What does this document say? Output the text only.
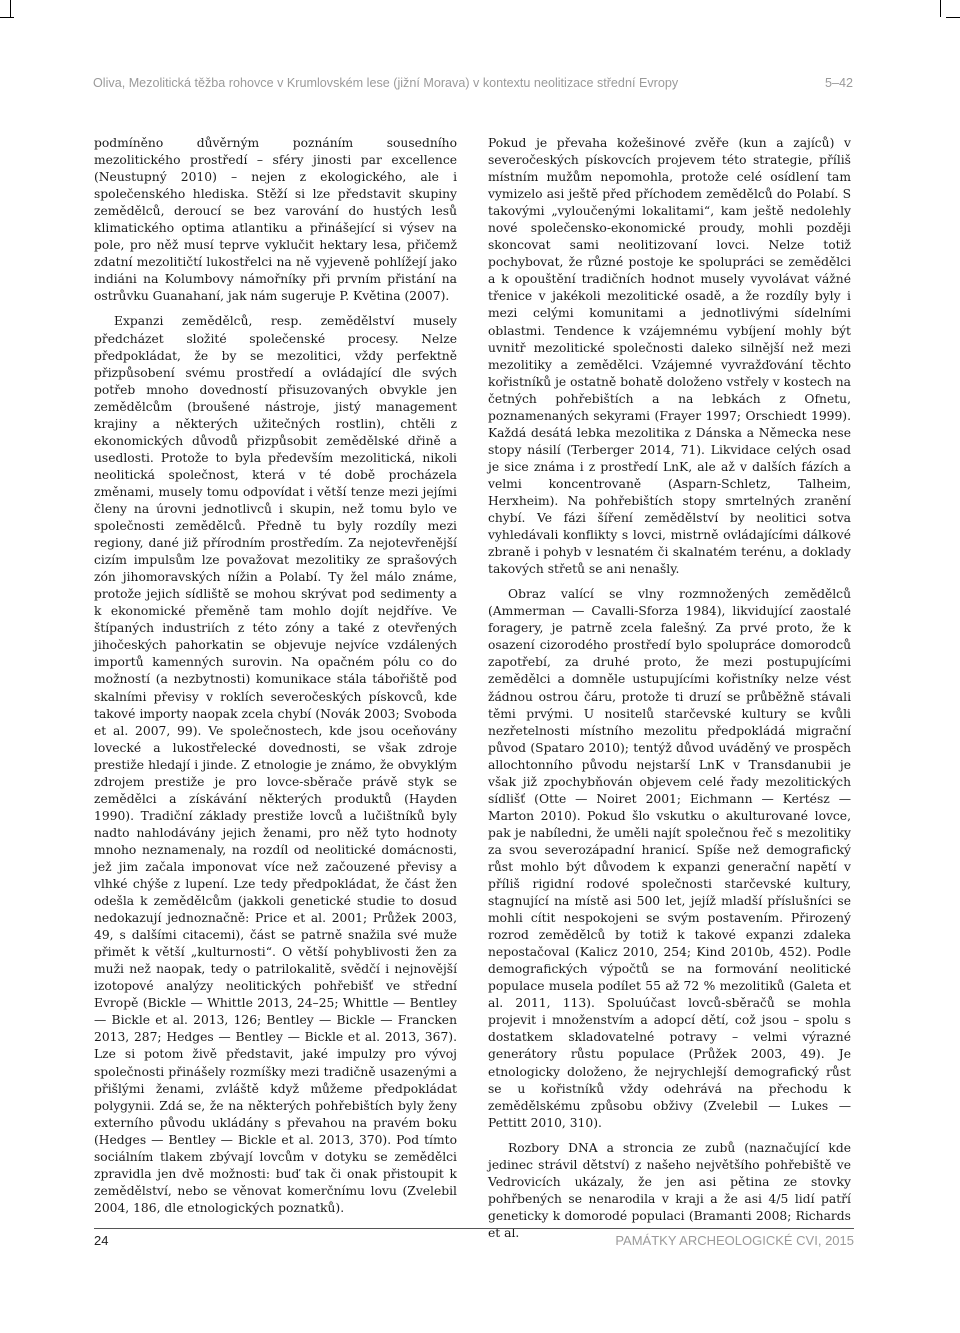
Oliva, Mezolitická těžba rohovce v Krumlovském lese (jižní Morava) v kontextu neolitizace střední Evropy	5–42

podmíněno důvěrným poznáním sousedního mezolitického prostředí – sféry jinosti par excellence (Neustupný 2010) – nejen z ekologického, ale i společenského hlediska. Stěží si lze představit skupiny zemědělců, deroucí se bez varování do hustých lesů klimatického optima atlantiku a přinášející si výsev na pole, pro něž musí teprve vyklučit hektary lesa, přičemž zdatní mezolitičtí lukostřelci na ně vyjeveně pohlížejí jako indiáni na Kolumbovy námořníky při prvním přistání na ostrůvku Guanahaní, jak nám sugeruje P. Květina (2007).

Expanzi zemědělců, resp. zemědělství musely předcházet složité společenské procesy. Nelze předpokládat, že by se mezolitici, vždy perfektně přizpůsobení svému prostředí a ovládající dle svých potřeb mnoho dovedností přisuzovaných obvykle jen zemědělcům (broušené nástroje, jistý management krajiny a některých užitečných rostlin), chtěli z ekonomických důvodů přizpůsobit zemědělské dřině a usedlosti. Protože to byla především mezolitická, nikoli neolitická společnost, která v té době procházela změnami, musely tomu odpovídat i větší tenze mezi jejími členy na úrovni jednotlivců i skupin, než tomu bylo ve společnosti zemědělců. Předně tu byly rozdíly mezi regiony, dané již přírodním prostředím. Za nejotevřenější cizím impulsům lze považovat mezolitiky ze sprašových zón jihomoravských nížin a Polabí. Ty žel málo známe, protože jejich sídliště se mohou skrývat pod sedimenty a k ekonomické přeměně tam mohlo dojít nejdříve. Ve štípaných industriích z této zóny a také z otevřených jihočeských pahorkatin se objevuje nejvíce vzdálených importů kamenných surovin. Na opačném pólu co do možností (a nezbytnosti) komunikace stála tábořiště pod skalními převisy v roklích severočeských pískovců, kde takové importy naopak zcela chybí (Novák 2003; Svoboda et al. 2007, 99). Ve společnostech, kde jsou oceňovány lovecké a lukostřelecké dovednosti, se však zdroje prestiže hledají i jinde. Z etnologie je známo, že obvyklým zdrojem prestiže je pro lovce-sběrače právě styk se zemědělci a získávání některých produktů (Hayden 1990). Tradiční základy prestiže lovců a lučištníků byly nadto nahlodávány jejich ženami, pro něž tyto hodnoty mnoho neznamenaly, na rozdíl od neolitické domácnosti, jež jim začala imponovat více než začouzené převisy a vlhké chýše z lupení. Lze tedy předpokládat, že část žen odešla k zemědělcům (jakkoli genetické studie to dosud nedokazují jednoznačně: Price et al. 2001; Průžek 2003, 49, s dalšími citacemi), část se patrně snažila své muže přimět k větší „kulturnosti“. O větší pohyblivosti žen za muži než naopak, tedy o patrilokalitě, svědčí i nejnovější izotopové analýzy neolitických pohřebišť ve střední Evropě (Bickle — Whittle 2013, 24–25; Whittle — Bentley — Bickle et al. 2013, 126; Bentley — Bickle — Francken 2013, 287; Hedges — Bentley — Bickle et al. 2013, 367). Lze si potom živě představit, jaké impulzy pro vývoj společnosti přinášely rozmíšky mezi tradičně usazenými a přišlými ženami, zvláště když můžeme předpokládat polygynii. Zdá se, že na některých pohřebištích byly ženy externího původu ukládány s převahou na pravém boku (Hedges — Bentley — Bickle et al. 2013, 370). Pod tímto sociálním tlakem zbývají lovcům v dotyku se zemědělci zpravidla jen dvě možnosti: buď tak či onak přistoupit k zemědělství, nebo se věnovat komerčnímu lovu (Zvelebil 2004, 186, dle etnologických poznatků).

Pokud je převaha kožešinové zvěře (kun a zajíců) v severočeských pískovcích projevem této strategie, příliš místním mužům nepomohla, protože celé osídlení tam vymizelo asi ještě před příchodem zemědělců do Polabí. S takovými „vyloučenými lokalitami“, kam ještě nedolehly nové společensko-ekonomické proudy, mohli později skoncovat sami neolitizovaní lovci. Nelze totiž pochybovat, že různé postoje ke spolupráci se zemědělci a k opouštění tradičních hodnot musely vyvolávat vážné třenice v jakékoli mezolitické osadě, a že rozdíly byly i mezi celými komunitami a jednotlivými sídelními oblastmi. Tendence k vzájemnému vybíjení mohly být uvnitř mezolitické společnosti daleko silnější než mezi mezolitiky a zemědělci. Vzájemné vyvražďování těchto kořistníků je ostatně bohatě doloženo vstřely v kostech na četných pohřebištích a na lebkách z Ofnetu, poznamenaných sekyrami (Frayer 1997; Orschiedt 1999). Každá desátá lebka mezolitika z Dánska a Německa nese stopy násilí (Terberger 2014, 71). Likvidace celých osad je sice známa i z prostředí LnK, ale až v dalších fázích a velmi koncentrovaně (Asparn-Schletz, Talheim, Herxheim). Na pohřebištích stopy smrtelných zranění chybí. Ve fázi šíření zemědělství by neolitici sotva vyhledávali konflikty s lovci, mistrně ovládajícími dálkové zbraně i pohyb v lesnatém či skalnatém terénu, a doklady takových střetů se ani nenašly.

Obraz valící se vlny rozmnožených zemědělců (Ammerman — Cavalli-Sforza 1984), likvidující zaostalé foragery, je patrně zcela falešný. Za prvé proto, že k osazení cizorodého prostředí bylo spolupráce domorodců zapotřebí, za druhé proto, že mezi postupujícími zemědělci a domněle ustupujícími kořistníky nelze vést žádnou ostrou čáru, protože ti druzí se průběžně stávali těmi prvými. U nositelů starčevské kultury se kvůli nezřetelnosti místního mezolitu předpokládá migrační původ (Spataro 2010); tentýž důvod uváděný ve prospěch allochtonního původu nejstarší LnK v Transdanubii je však již zpochybňován objevem celé řady mezolitických sídlišť (Otte — Noiret 2001; Eichmann — Kertész — Marton 2010). Pokud šlo vskutku o akulturované lovce, pak je nabíledni, že uměli najít společnou řeč s mezolitiky za svou severozápadní hranicí. Spíše než demografický růst mohlo být důvodem k expanzi generační napětí v příliš rigidní rodové společnosti starčevské kultury, stagnující na místě asi 500 let, jejíž mladší příslušníci se mohli cítit nespokojeni se svým postavením. Přirozený rozrod zemědělců by totiž k takové expanzi zdaleka nepostačoval (Kalicz 2010, 254; Kind 2010b, 452). Podle demografických výpočtů se na formování neolitické populace musela podílet 55 až 72 % mezolitiků (Galeta et al. 2011, 113). Spoluúčast lovců-sběračů se mohla projevit i množenstvím a adopcí dětí, což jsou – spolu s dostatkem skladovatelné potravy – velmi výrazné generátory růstu populace (Průžek 2003, 49). Je etnologicky doloženo, že nejrychlejší demografický růst se u kořistníků vždy odehrává na přechodu k zemědělskému způsobu obživy (Zvelebil — Lukes — Pettitt 2010, 310).

Rozbory DNA a stroncia ze zubů (naznačující kde jedinec strávil dětství) z našeho největšího pohřebiště ve Vedrovicích ukázaly, že jen asi pětina ze stovky pohřbených se nenarodila v kraji a že asi 4/5 lidí patří geneticky k domorodé populaci (Bramanti 2008; Richards et al.

24	PAMÁTKY ARCHEOLOGICKÉ CVI, 2015
